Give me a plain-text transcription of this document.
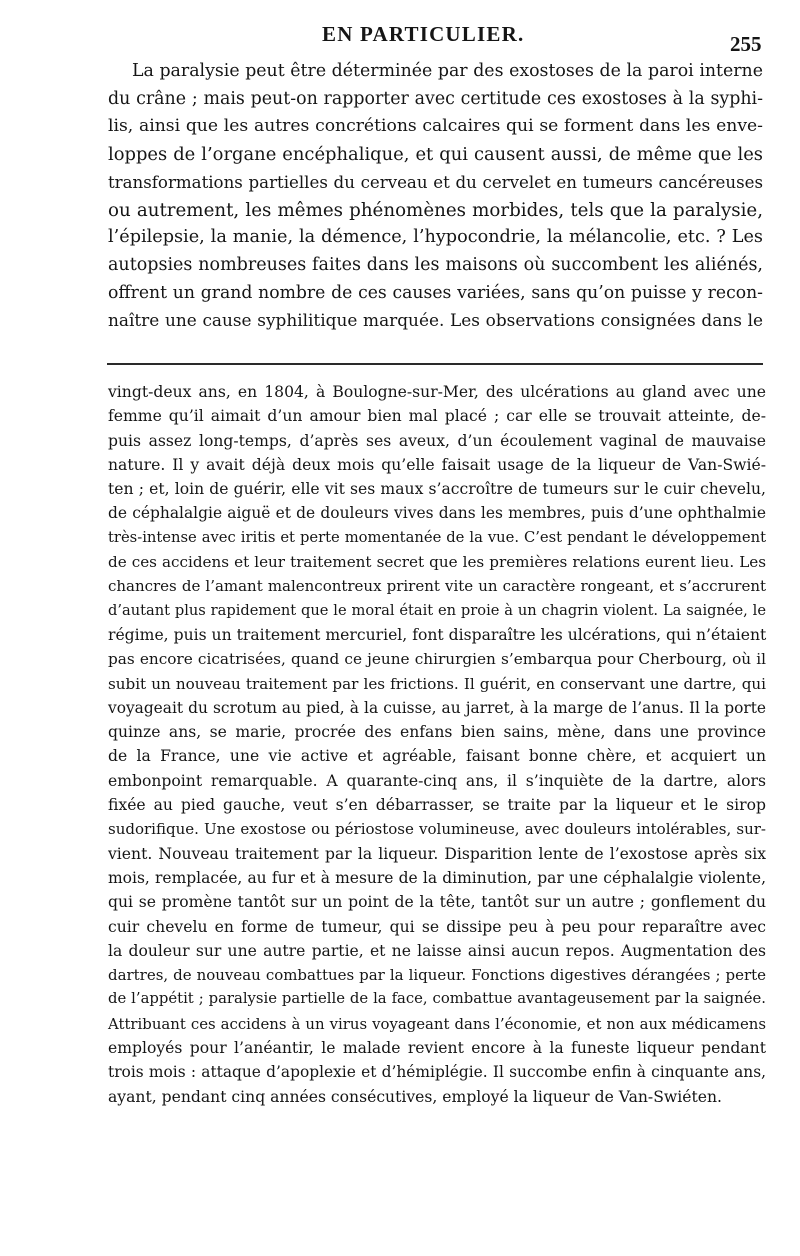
EN PARTICULIER.	255
La paralysie peut être déterminée par des exostoses de la paroi interne
du crâne ; mais peut-on rapporter avec certitude ces exostoses à la syphi-
lis, ainsi que les autres concrétions calcaires qui se forment dans les enve-
loppes de l’organe encéphalique, et qui causent aussi, de même que les
transformations partielles du cerveau et du cervelet en tumeurs cancéreuses
ou autrement, les mêmes phénomènes morbides, tels que la paralysie,
l’épilepsie, la manie, la démence, l’hypocondrie, la mélancolie, etc. ? Les
autopsies nombreuses faites dans les maisons où succombent les aliénés,
offrent un grand nombre de ces causes variées, sans qu’on puisse y recon-
naître une cause syphilitique marquée. Les observations consignées dans le
vingt-deux ans, en 1804, à Boulogne-sur-Mer, des ulcérations au gland avec une
femme qu’il aimait d’un amour bien mal placé ; car elle se trouvait atteinte, de-
puis assez long-temps, d’après ses aveux, d’un écoulement vaginal de mauvaise
nature. Il y avait déjà deux mois qu’elle faisait usage de la liqueur de Van-Swié-
ten ; et, loin de guérir, elle vit ses maux s’accroître de tumeurs sur le cuir chevelu,
de céphalalgie aiguë et de douleurs vives dans les membres, puis d’une ophthalmie
très-intense avec iritis et perte momentanée de la vue. C’est pendant le développement
de ces accidens et leur traitement secret que les premières relations eurent lieu. Les
chancres de l’amant malencontreux prirent vite un caractère rongeant, et s’accrurent
d’autant plus rapidement que le moral était en proie à un chagrin violent. La saignée, le
régime, puis un traitement mercuriel, font disparaître les ulcérations, qui n’étaient
pas encore cicatrisées, quand ce jeune chirurgien s’embarqua pour Cherbourg, où il
subit un nouveau traitement par les frictions. Il guérit, en conservant une dartre, qui
voyageait du scrotum au pied, à la cuisse, au jarret, à la marge de l’anus. Il la porte
quinze ans, se marie, procrée des enfans bien sains, mène, dans une province
de la France, une vie active et agréable, faisant bonne chère, et acquiert un
embonpoint remarquable. A quarante-cinq ans, il s’inquiète de la dartre, alors
fixée au pied gauche, veut s’en débarrasser, se traite par la liqueur et le sirop
sudorifique. Une exostose ou périostose volumineuse, avec douleurs intolérables, sur-
vient. Nouveau traitement par la liqueur. Disparition lente de l’exostose après six
mois, remplacée, au fur et à mesure de la diminution, par une céphalalgie violente,
qui se promène tantôt sur un point de la tête, tantôt sur un autre ; gonflement du
cuir chevelu en forme de tumeur, qui se dissipe peu à peu pour reparaître avec
la douleur sur une autre partie, et ne laisse ainsi aucun repos. Augmentation des
dartres, de nouveau combattues par la liqueur. Fonctions digestives dérangées ; perte
de l’appétit ; paralysie partielle de la face, combattue avantageusement par la saignée.
Attribuant ces accidens à un virus voyageant dans l’économie, et non aux médicamens
employés pour l’anéantir, le malade revient encore à la funeste liqueur pendant
trois mois : attaque d’apoplexie et d’hémiplégie. Il succombe enfin à cinquante ans,
ayant, pendant cinq années consécutives, employé la liqueur de Van-Swiéten.
